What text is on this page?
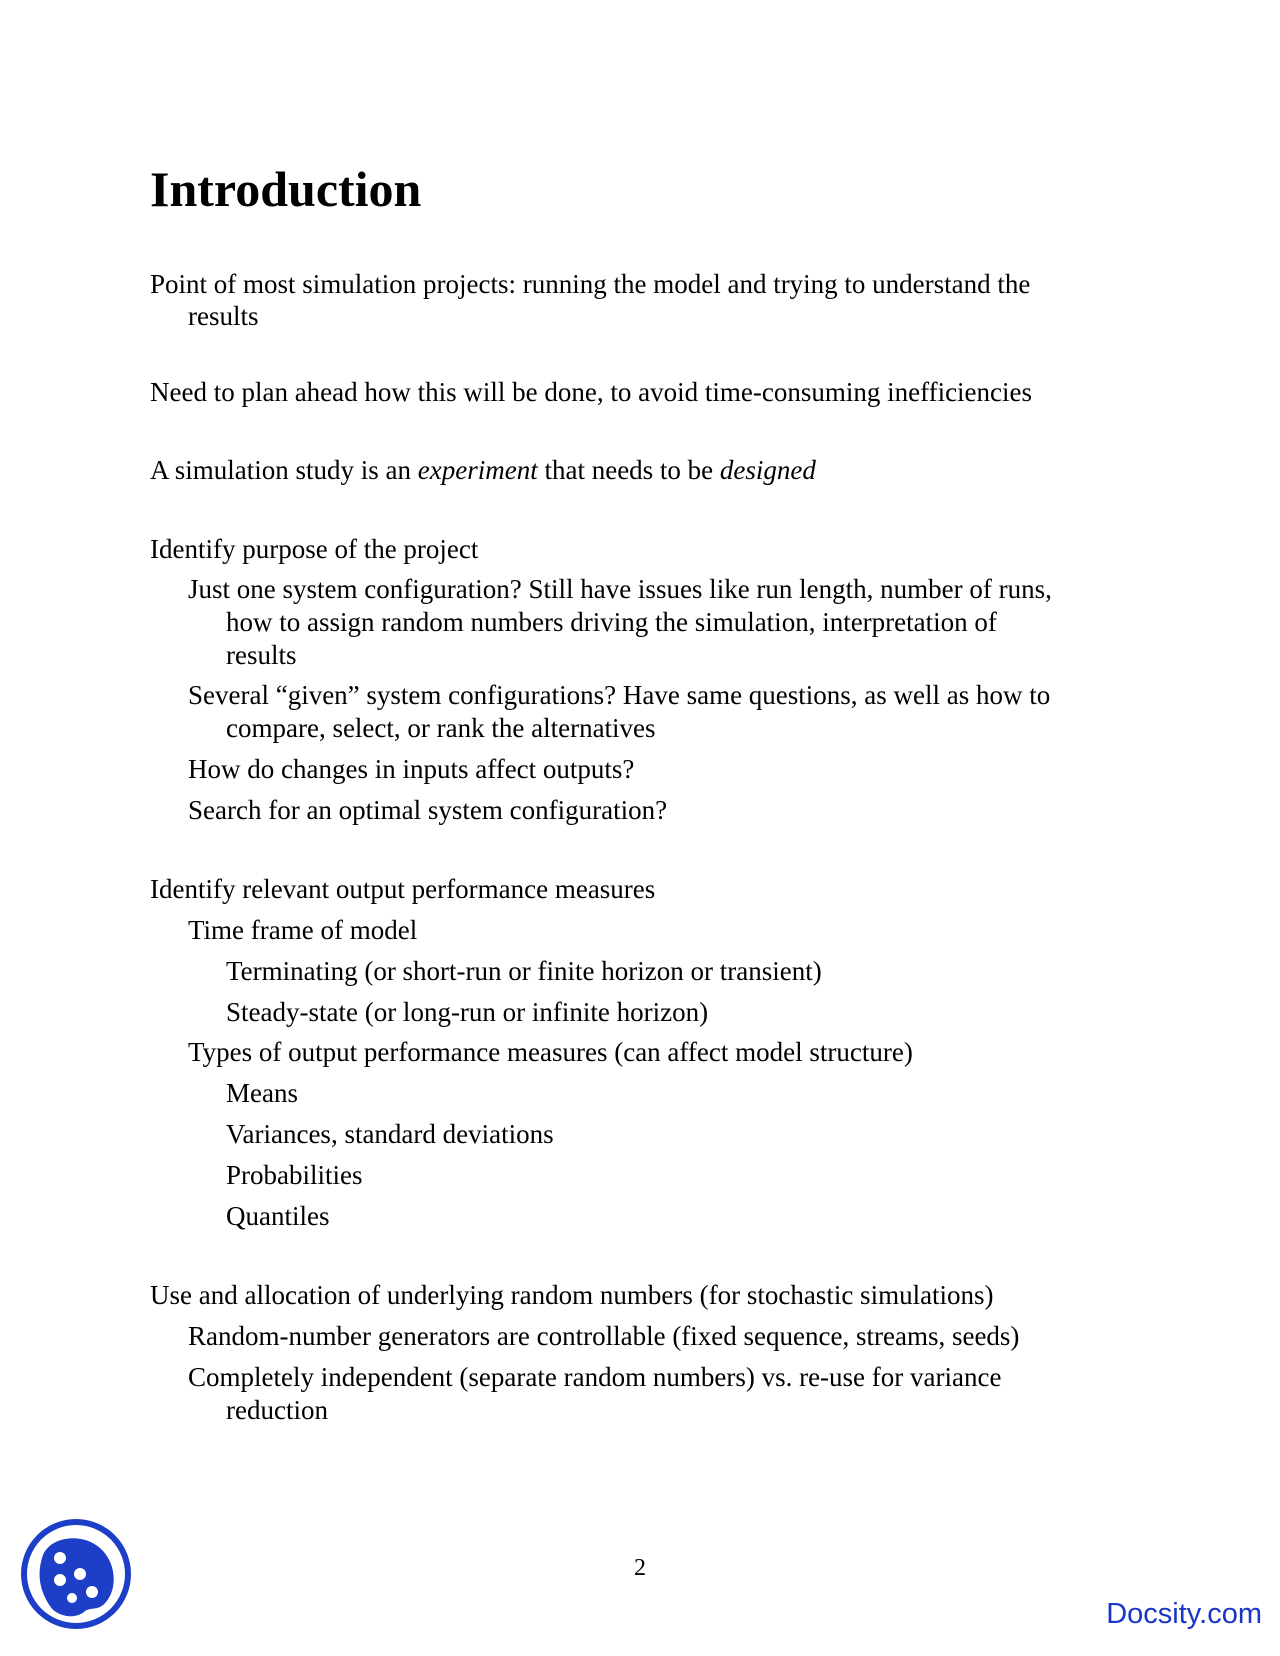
Introduction
Point of most simulation projects: running the model and trying to understand the
results
Need to plan ahead how this will be done, to avoid time-consuming inefficiencies
A simulation study is an experiment that needs to be designed
Identify purpose of the project
Just one system configuration? Still have issues like run length, number of runs,
how to assign random numbers driving the simulation, interpretation of
results
Several “given” system configurations? Have same questions, as well as how to
compare, select, or rank the alternatives
How do changes in inputs affect outputs?
Search for an optimal system configuration?
Identify relevant output performance measures
Time frame of model
Terminating (or short-run or finite horizon or transient)
Steady-state (or long-run or infinite horizon)
Types of output performance measures (can affect model structure)
Means
Variances, standard deviations
Probabilities
Quantiles
Use and allocation of underlying random numbers (for stochastic simulations)
Random-number generators are controllable (fixed sequence, streams, seeds)
Completely independent (separate random numbers) vs. re-use for variance
reduction
2
Docsity.com
